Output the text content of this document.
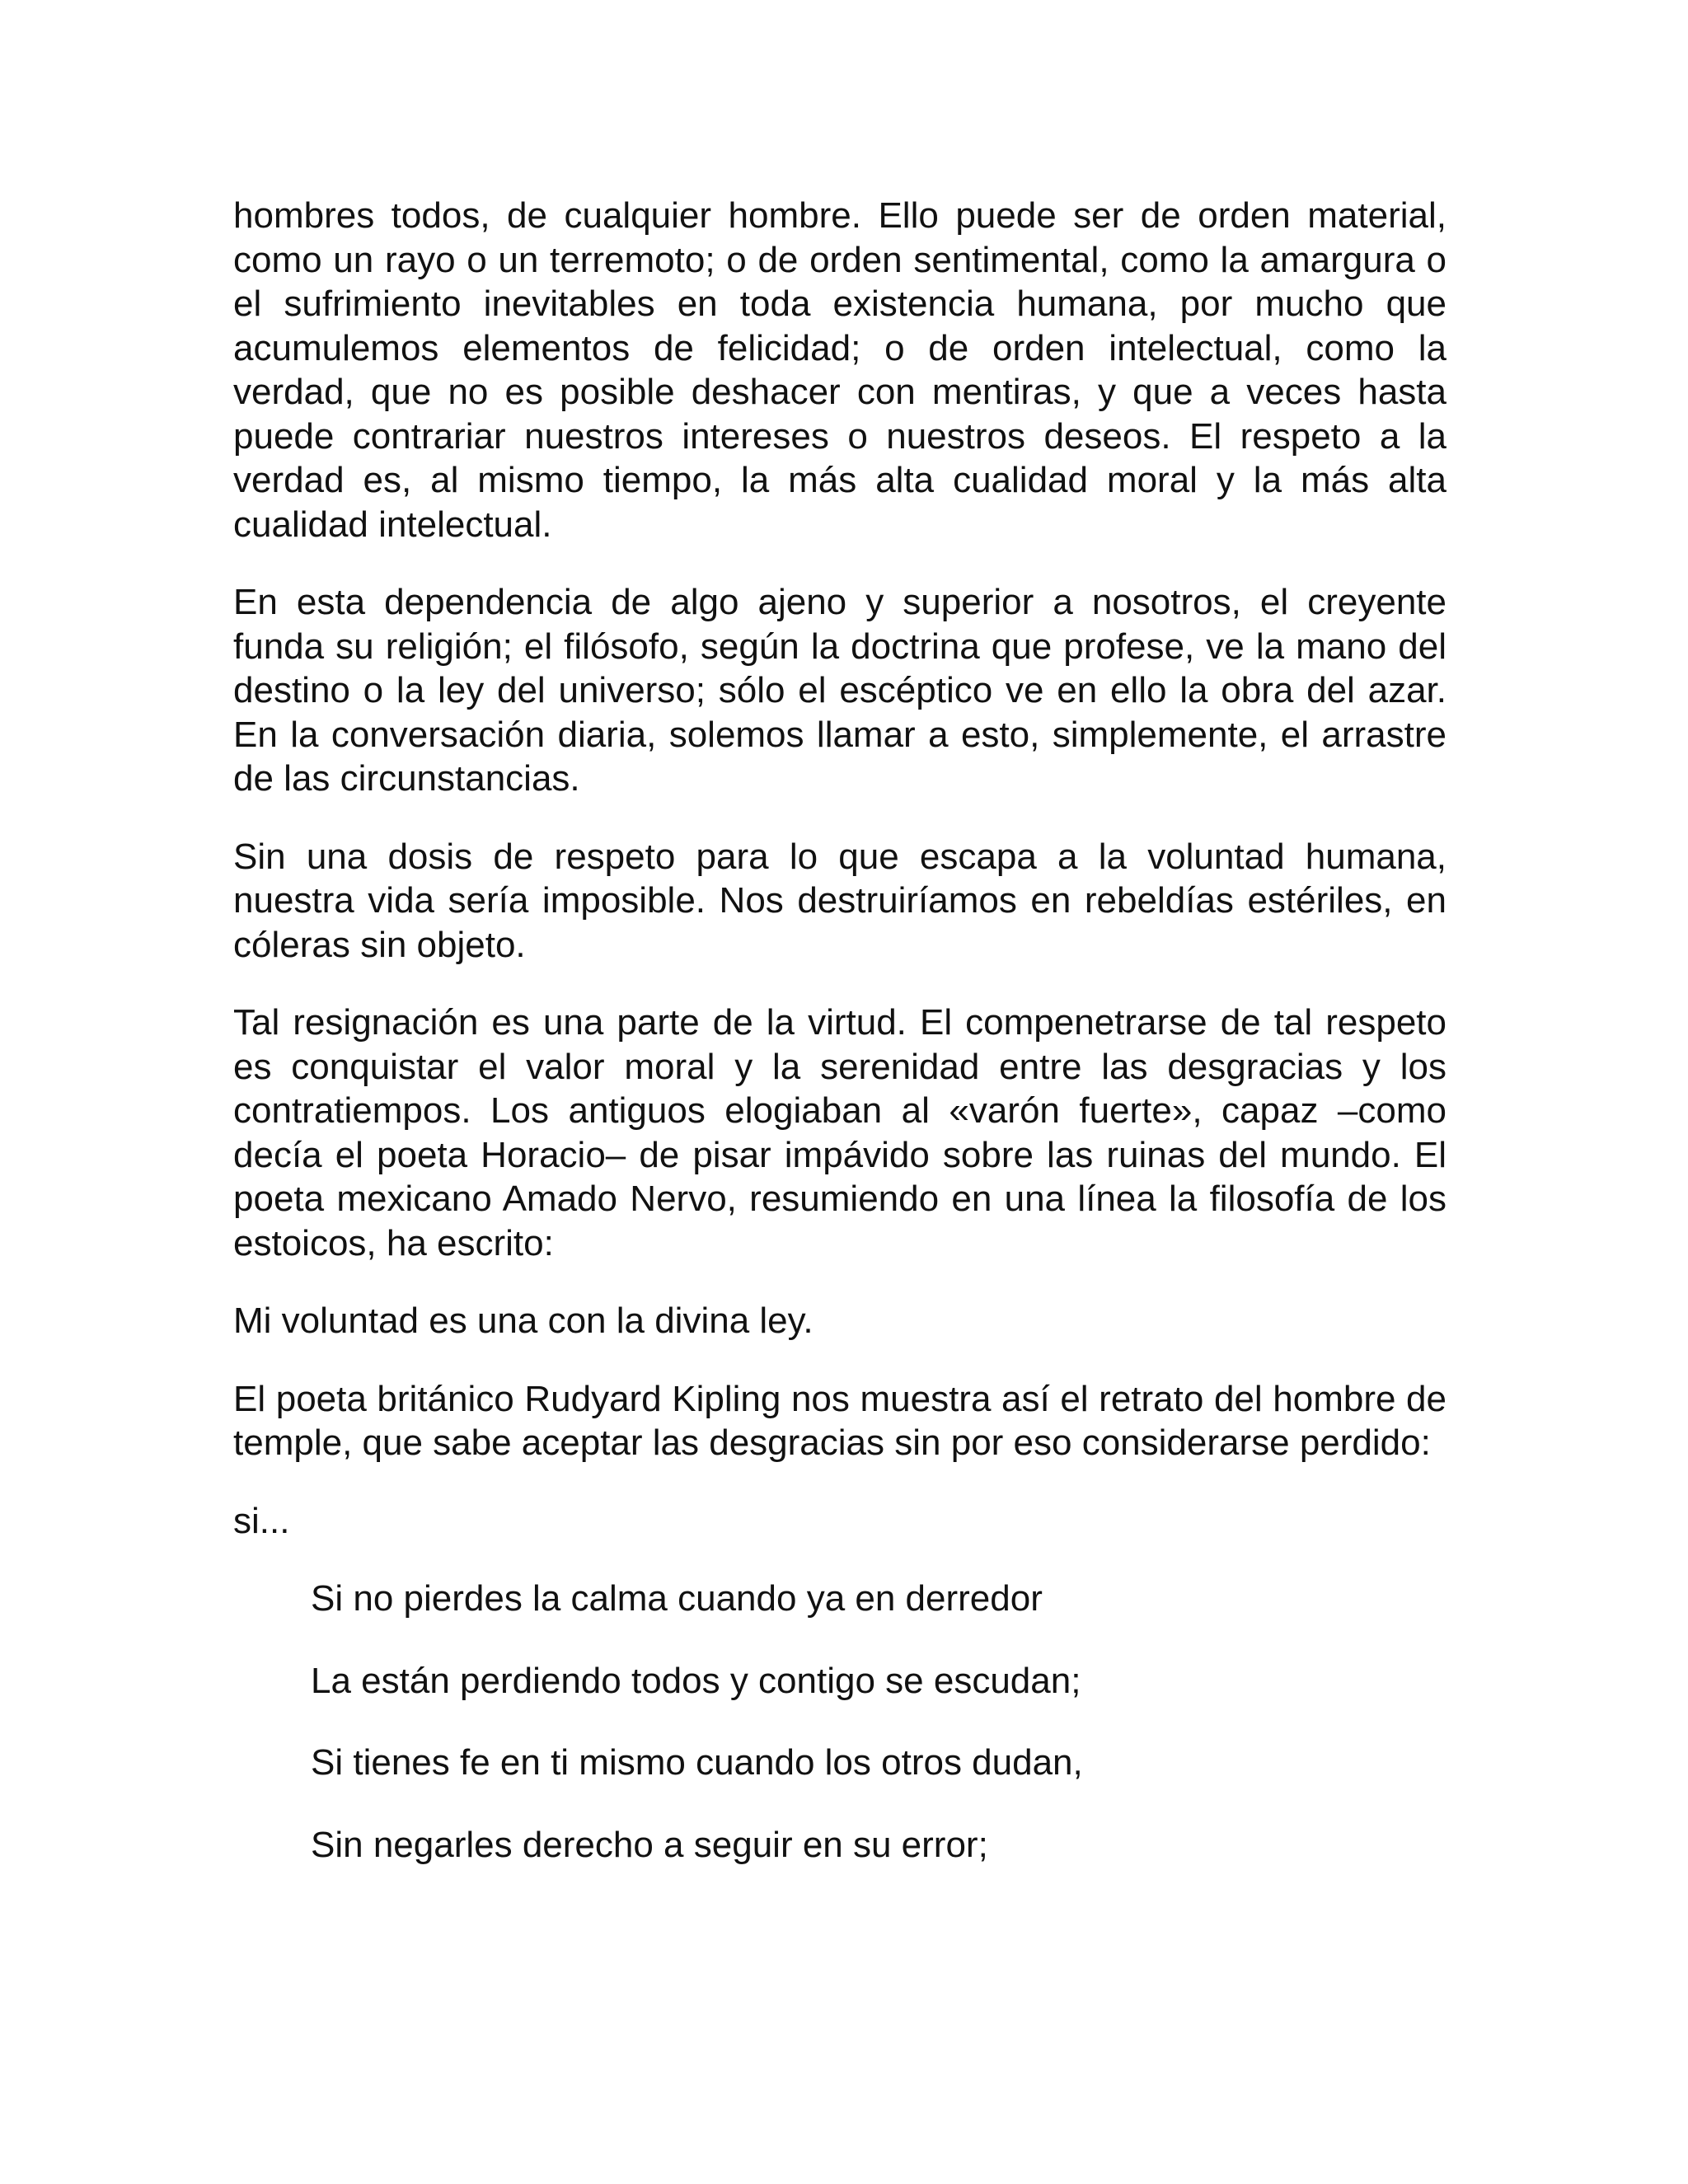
hombres todos, de cualquier hombre. Ello puede ser de orden material, como un rayo o un terremoto; o de orden sentimental, como la amargura o el sufrimiento inevitables en toda existencia humana, por mucho que acumulemos elementos de felicidad; o de orden intelectual, como la verdad, que no es posible deshacer con mentiras, y que a veces hasta puede contrariar nuestros intereses o nuestros deseos. El respeto a la verdad es, al mismo tiempo, la más alta cualidad moral y la más alta cualidad intelectual.

En esta dependencia de algo ajeno y superior a nosotros, el creyente funda su religión; el filósofo, según la doctrina que profese, ve la mano del destino o la ley del universo; sólo el escéptico ve en ello la obra del azar. En la conversación diaria, solemos llamar a esto, simplemente, el arrastre de las circunstancias.

Sin una dosis de respeto para lo que escapa a la voluntad humana, nuestra vida sería imposible. Nos destruiríamos en rebeldías estériles, en cóleras sin objeto.

Tal resignación es una parte de la virtud. El compenetrarse de tal respeto es conquistar el valor moral y la serenidad entre las desgracias y los contratiempos. Los antiguos elogiaban al «varón fuerte», capaz –como decía el poeta Horacio– de pisar impávido sobre las ruinas del mundo. El poeta mexicano Amado Nervo, resumiendo en una línea la filosofía de los estoicos, ha escrito:

Mi voluntad es una con la divina ley.

El poeta británico Rudyard Kipling nos muestra así el retrato del hombre de temple, que sabe aceptar las desgracias sin por eso considerarse perdido:

si...

Si no pierdes la calma cuando ya en derredor

La están perdiendo todos y contigo se escudan;

Si tienes fe en ti mismo cuando los otros dudan,

Sin negarles derecho a seguir en su error;
